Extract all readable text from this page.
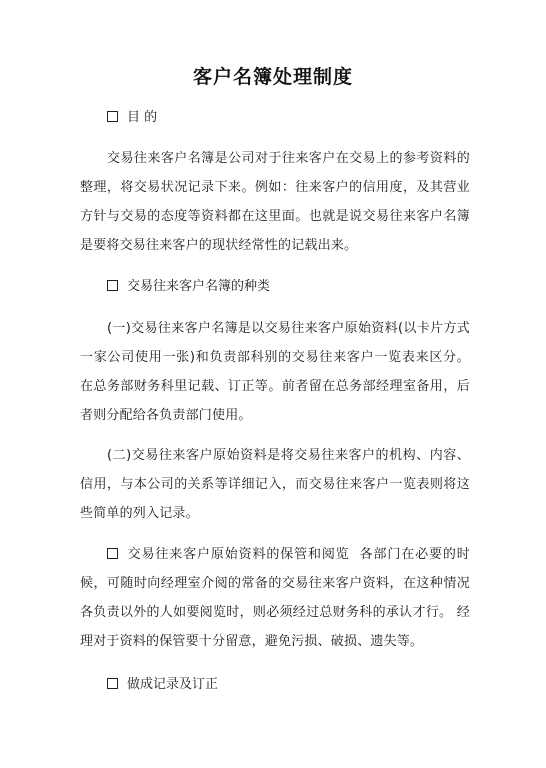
客户名簿处理制度
目 的
交易往来客户名簿是公司对于往来客户在交易上的参考资料的整理，将交易状况记录下来。例如：往来客户的信用度，及其营业方针与交易的态度等资料都在这里面。也就是说交易往来客户名簿是要将交易往来客户的现状经常性的记载出来。
交易往来客户名簿的种类
(一)交易往来客户名簿是以交易往来客户原始资料(以卡片方式一家公司使用一张)和负责部科别的交易往来客户一览表来区分。 在总务部财务科里记载、订正等。前者留在总务部经理室备用，后者则分配给各负责部门使用。
(二)交易往来客户原始资料是将交易往来客户的机构、内容、信用，与本公司的关系等详细记入，而交易往来客户一览表则将这些简单的列入记录。
交易往来客户原始资料的保管和阅览 各部门在必要的时候，可随时向经理室介阅的常备的交易往来客户资料，在这种情况各负责以外的人如要阅览时，则必须经过总财务科的承认才行。 经理对于资料的保管要十分留意，避免污损、破损、遗失等。
做成记录及订正
